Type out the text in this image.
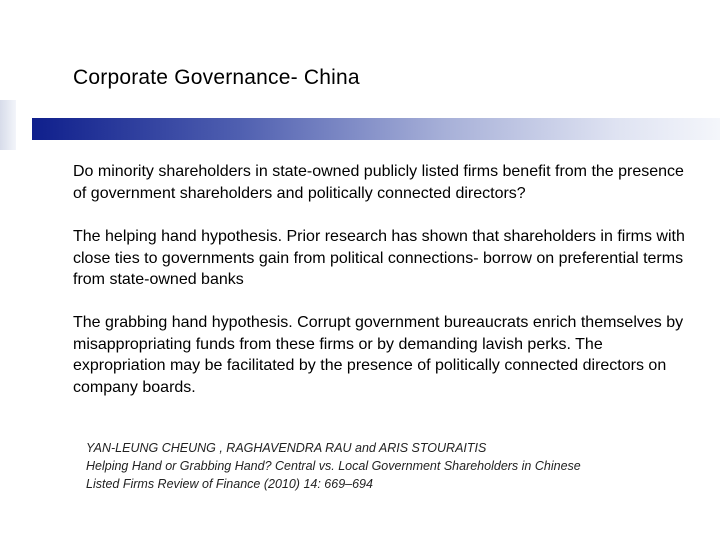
Corporate Governance- China
Do minority shareholders in state-owned publicly listed firms benefit from the presence of government shareholders and politically connected directors?
The helping hand hypothesis. Prior research has shown that shareholders in firms with close ties to governments gain from political connections- borrow on preferential terms from state-owned banks
The grabbing hand hypothesis. Corrupt government bureaucrats enrich themselves by misappropriating funds from these firms or by demanding lavish perks. The expropriation may be facilitated by the presence of politically connected directors on company boards.
YAN-LEUNG CHEUNG , RAGHAVENDRA RAU and ARIS STOURAITIS
Helping Hand or Grabbing Hand? Central vs. Local Government Shareholders in Chinese
Listed Firms Review of Finance (2010) 14: 669–694
